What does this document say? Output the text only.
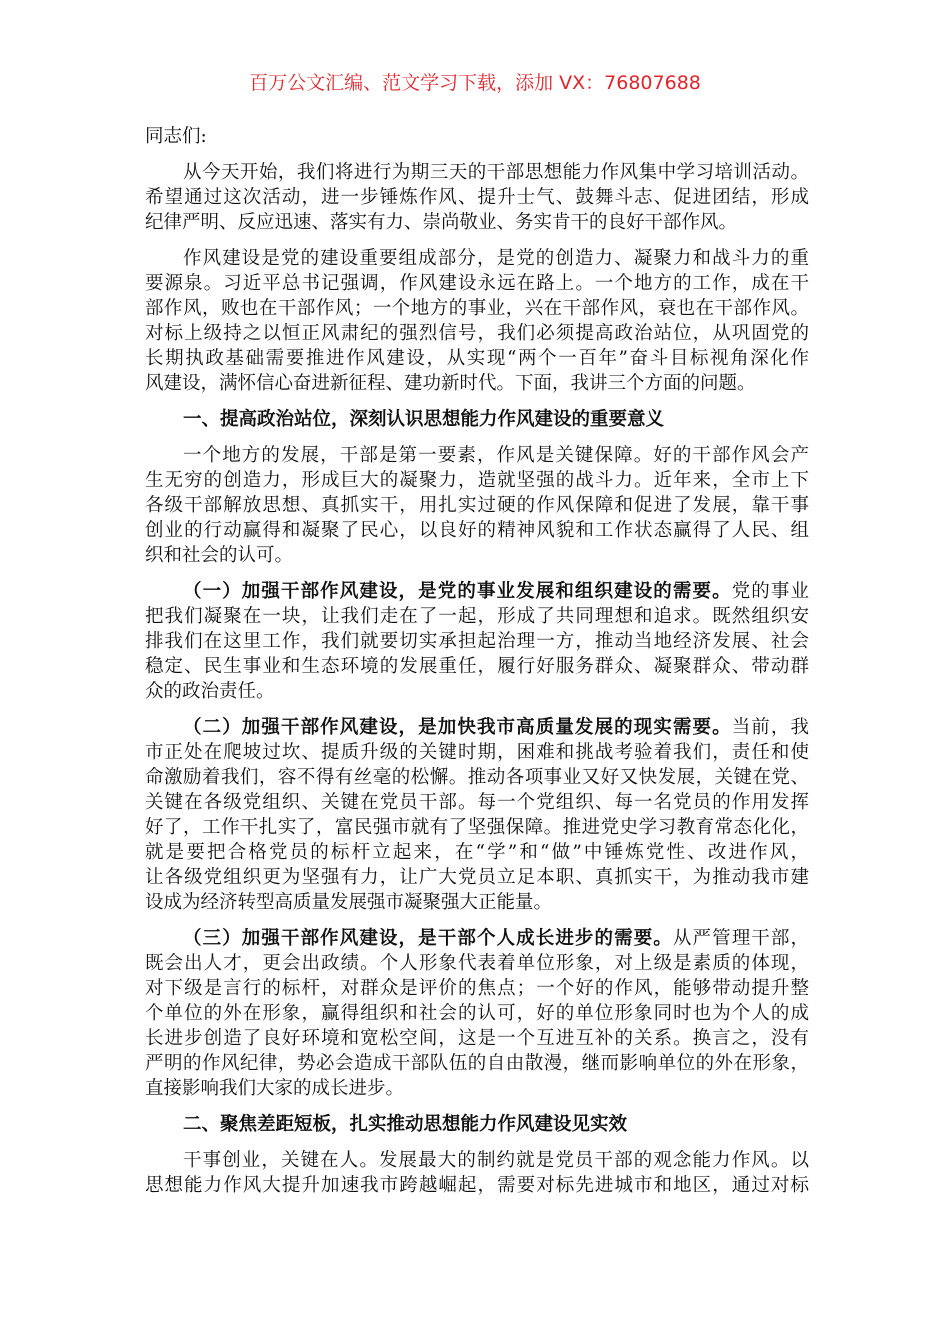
百万公文汇编、范文学习下载，添加 VX：76807688
同志们:
从今天开始，我们将进行为期三天的干部思想能力作风集中学习培训活动。
希望通过这次活动，进一步锤炼作风、提升士气、鼓舞斗志、促进团结，形成
纪律严明、反应迅速、落实有力、崇尚敬业、务实肯干的良好干部作风。
作风建设是党的建设重要组成部分，是党的创造力、凝聚力和战斗力的重
要源泉。习近平总书记强调，作风建设永远在路上。一个地方的工作，成在干
部作风，败也在干部作风；一个地方的事业，兴在干部作风，衰也在干部作风。
对标上级持之以恒正风肃纪的强烈信号，我们必须提高政治站位，从巩固党的
长期执政基础需要推进作风建设，从实现“两个一百年”奋斗目标视角深化作
风建设，满怀信心奋进新征程、建功新时代。下面，我讲三个方面的问题。
一、提高政治站位，深刻认识思想能力作风建设的重要意义
一个地方的发展，干部是第一要素，作风是关键保障。好的干部作风会产
生无穷的创造力，形成巨大的凝聚力，造就坚强的战斗力。近年来，全市上下
各级干部解放思想、真抓实干，用扎实过硬的作风保障和促进了发展，靠干事
创业的行动赢得和凝聚了民心，以良好的精神风貌和工作状态赢得了人民、组
织和社会的认可。
（一）加强干部作风建设，是党的事业发展和组织建设的需要。党的事业
把我们凝聚在一块，让我们走在了一起，形成了共同理想和追求。既然组织安
排我们在这里工作，我们就要切实承担起治理一方，推动当地经济发展、社会
稳定、民生事业和生态环境的发展重任，履行好服务群众、凝聚群众、带动群
众的政治责任。
（二）加强干部作风建设，是加快我市高质量发展的现实需要。当前，我
市正处在爬坡过坎、提质升级的关键时期，困难和挑战考验着我们，责任和使
命激励着我们，容不得有丝毫的松懈。推动各项事业又好又快发展，关键在党、
关键在各级党组织、关键在党员干部。每一个党组织、每一名党员的作用发挥
好了，工作干扎实了，富民强市就有了坚强保障。推进党史学习教育常态化化，
就是要把合格党员的标杆立起来，在“学”和“做”中锤炼党性、改进作风，
让各级党组织更为坚强有力，让广大党员立足本职、真抓实干，为推动我市建
设成为经济转型高质量发展强市凝聚强大正能量。
（三）加强干部作风建设，是干部个人成长进步的需要。从严管理干部，
既会出人才，更会出政绩。个人形象代表着单位形象，对上级是素质的体现，
对下级是言行的标杆，对群众是评价的焦点；一个好的作风，能够带动提升整
个单位的外在形象，赢得组织和社会的认可，好的单位形象同时也为个人的成
长进步创造了良好环境和宽松空间，这是一个互进互补的关系。换言之，没有
严明的作风纪律，势必会造成干部队伍的自由散漫，继而影响单位的外在形象，
直接影响我们大家的成长进步。
二、聚焦差距短板，扎实推动思想能力作风建设见实效
干事创业，关键在人。发展最大的制约就是党员干部的观念能力作风。以
思想能力作风大提升加速我市跨越崛起，需要对标先进城市和地区，通过对标
